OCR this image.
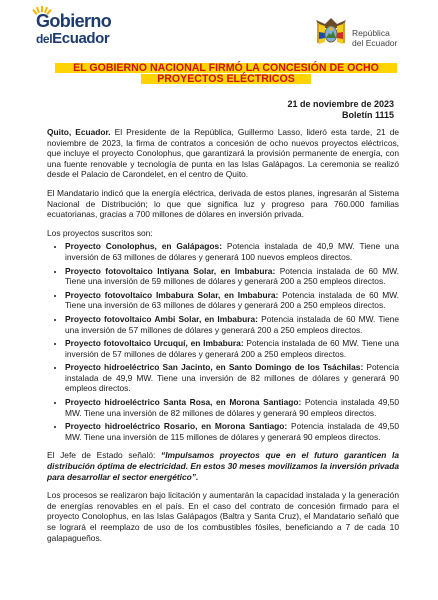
Gobierno
delEcuador	República
del Ecuador
EL GOBIERNO NACIONAL FIRMÓ LA CONCESIÓN DE OCHO
PROYECTOS ELÉCTRICOS
21 de noviembre de 2023
Boletín 1115

Quito, Ecuador. El Presidente de la República, Guillermo Lasso, lideró esta tarde, 21 de noviembre de 2023, la firma de contratos a concesión de ocho nuevos proyectos eléctricos, que incluye el proyecto Conolophus, que garantizará la provisión permanente de energía, con una fuente renovable y tecnología de punta en las Islas Galápagos. La ceremonia se realizó desde el Palacio de Carondelet, en el centro de Quito.

El Mandatario indicó que la energía eléctrica, derivada de estos planes, ingresarán al Sistema Nacional de Distribución; lo que que significa luz y progreso para 760.000 familias ecuatorianas, gracias a 700 millones de dólares en inversión privada.

Los proyectos suscritos son:

• Proyecto Conolophus, en Galápagos: Potencia instalada de 40,9 MW. Tiene una inversión de 63 millones de dólares y generará 100 nuevos empleos directos.
• Proyecto fotovoltaico Intiyana Solar, en Imbabura: Potencia instalada de 60 MW. Tiene una inversión de 59 millones de dólares y generará 200 a 250 empleos directos.
• Proyecto fotovoltaico Imbabura Solar, en Imbabura: Potencia instalada de 60 MW. Tiene una inversión de 63 millones de dólares y generará 200 a 250 empleos directos.
• Proyecto fotovoltaico Ambi Solar, en Imbabura: Potencia instalada de 60 MW. Tiene una inversión de 57 millones de dólares y generará 200 a 250 empleos directos.
• Proyecto fotovoltaico Urcuquí, en Imbabura: Potencia instalada de 60 MW. Tiene una inversión de 57 millones de dólares y generará 200 a 250 empleos directos.
• Proyecto hidroeléctrico San Jacinto, en Santo Domingo de los Tsáchilas: Potencia instalada de 49,9 MW. Tiene una inversión de 82 millones de dólares y generará 90 empleos directos.
• Proyecto hidroeléctrico Santa Rosa, en Morona Santiago: Potencia instalada 49,50 MW. Tiene una inversión de 82 millones de dólares y generará 90 empleos directos.
• Proyecto hidroeléctrico Rosario, en Morona Santiago: Potencia instalada de 49,50 MW. Tiene una inversión de 115 millones de dólares y generará 90 empleos directos.

El Jefe de Estado señaló: “Impulsamos proyectos que en el futuro garanticen la distribución óptima de electricidad. En estos 30 meses movilizamos la inversión privada para desarrollar el sector energético”.

Los procesos se realizaron bajo licitación y aumentarán la capacidad instalada y la generación de energías renovables en el país. En el caso del contrato de concesión firmado para el proyecto Conolophus, en las Islas Galápagos (Baltra y Santa Cruz), el Mandatario señaló que se logrará el reemplazo de uso de los combustibles fósiles, beneficiando a 7 de cada 10 galapagueños.
